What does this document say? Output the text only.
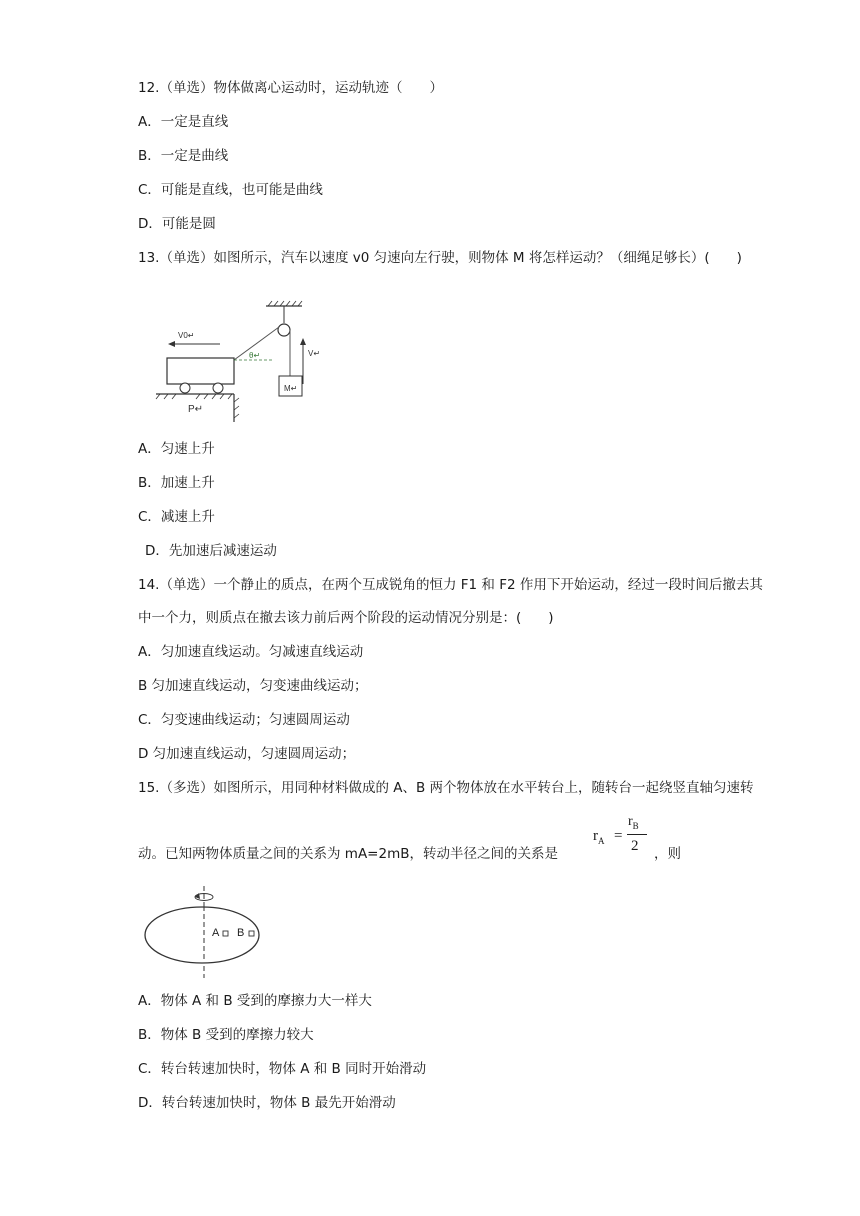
12.（单选）物体做离心运动时，运动轨迹（　　）
A．一定是直线
B．一定是曲线
C．可能是直线，也可能是曲线
D．可能是圆
13.（单选）如图所示，汽车以速度 v0 匀速向左行驶，则物体 M 将怎样运动？（细绳足够长）(　　)
M↵
V↵
V0↵
θ↵
P↵
A．匀速上升
B．加速上升
C．减速上升
D．先加速后减速运动
14.（单选）一个静止的质点，在两个互成锐角的恒力 F1 和 F2 作用下开始运动，经过一段时间后撤去其
中一个力，则质点在撤去该力前后两个阶段的运动情况分别是：(　　)
A．匀加速直线运动。匀减速直线运动
B 匀加速直线运动，匀变速曲线运动；
C．匀变速曲线运动；匀速圆周运动
D 匀加速直线运动，匀速圆周运动；
15.（多选）如图所示，用同种材料做成的 A、B 两个物体放在水平转台上，随转台一起绕竖直轴匀速转
动。已知两物体质量之间的关系为 mA=2mB，转动半径之间的关系是
$r_A$ =
$r_B$
2 ，则
A B
A．物体 A 和 B 受到的摩擦力大一样大
B．物体 B 受到的摩擦力较大
C．转台转速加快时，物体 A 和 B 同时开始滑动
D．转台转速加快时，物体 B 最先开始滑动
